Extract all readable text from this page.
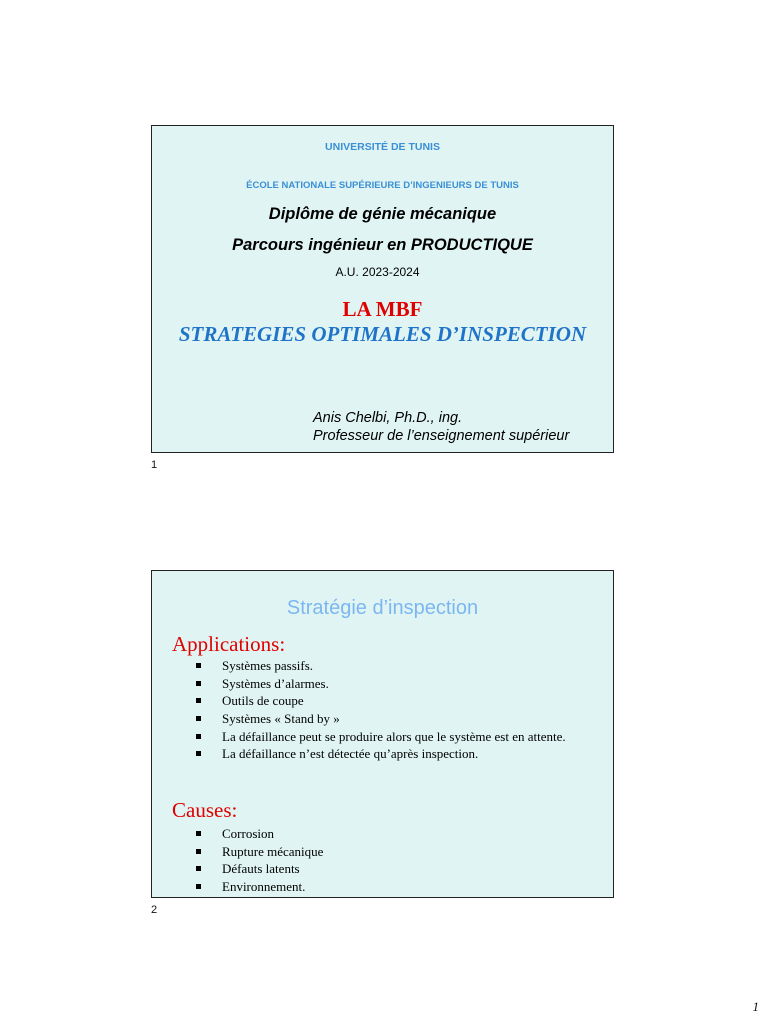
UNIVERSITÉ DE TUNIS
ÉCOLE NATIONALE SUPÉRIEURE D’INGENIEURS DE TUNIS
Diplôme de génie mécanique
Parcours ingénieur en PRODUCTIQUE
A.U. 2023-2024
LA MBF
STRATEGIES OPTIMALES D’INSPECTION
Anis Chelbi, Ph.D., ing.
Professeur de l’enseignement supérieur
1
Stratégie d’inspection
Applications:
Systèmes passifs.
Systèmes d’alarmes.
Outils de coupe
Systèmes « Stand by »
La défaillance peut se produire alors que le système est en attente.
La défaillance n’est détectée qu’après inspection.
Causes:
Corrosion
Rupture mécanique
Défauts latents
Environnement.
2
1
